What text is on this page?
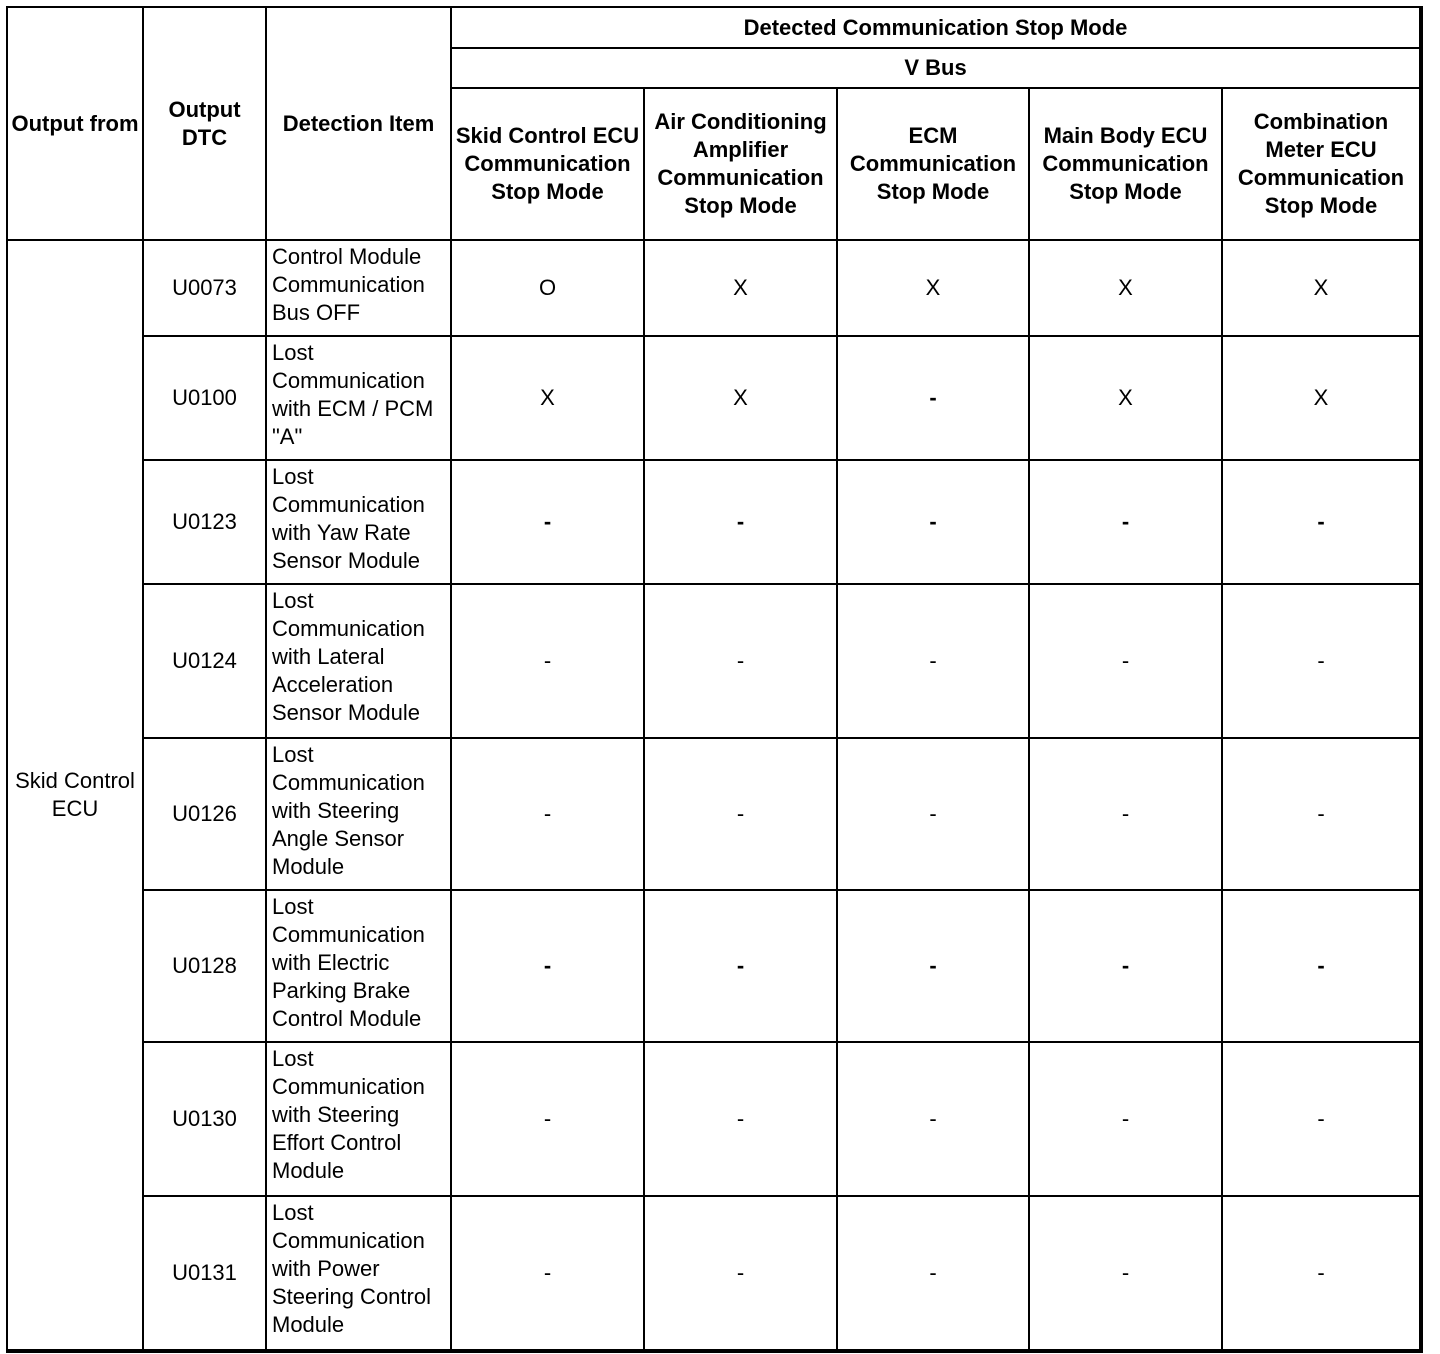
Output from	Output DTC	Detection Item	Detected Communication Stop Mode				
			V Bus				
			Skid Control ECU Communication Stop Mode	Air Conditioning Amplifier Communication Stop Mode	ECM Communication Stop Mode	Main Body ECU Communication Stop Mode	Combination Meter ECU Communication Stop Mode
Skid Control ECU	U0073	Control Module Communication Bus OFF	O	X	X	X	X
	U0100	Lost Communication with ECM / PCM "A"	X	X	-	X	X
	U0123	Lost Communication with Yaw Rate Sensor Module	-	-	-	-	-
	U0124	Lost Communication with Lateral Acceleration Sensor Module	-	-	-	-	-
	U0126	Lost Communication with Steering Angle Sensor Module	-	-	-	-	-
	U0128	Lost Communication with Electric Parking Brake Control Module	-	-	-	-	-
	U0130	Lost Communication with Steering Effort Control Module	-	-	-	-	-
	U0131	Lost Communication with Power Steering Control Module	-	-	-	-	-
